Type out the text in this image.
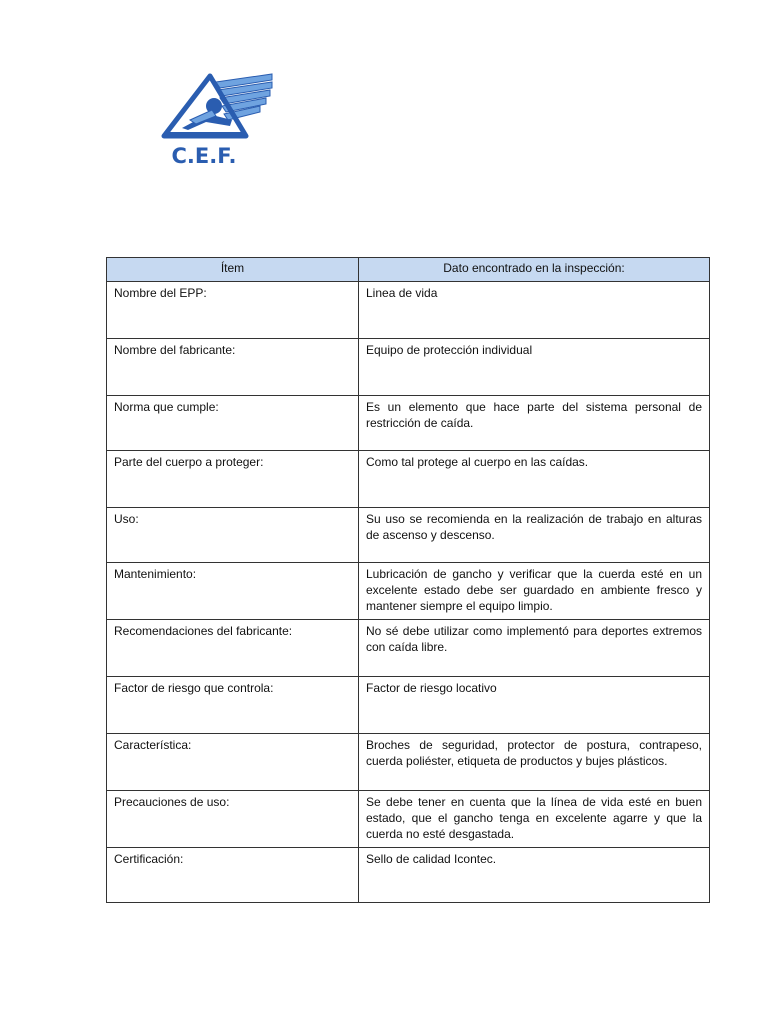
C.E.F.
Ítem	Dato encontrado en la inspección:
Nombre del EPP:	Linea de vida
Nombre del fabricante:	Equipo de protección individual
Norma que cumple:	Es un elemento que hace parte del sistema personal de restricción de caída.
Parte del cuerpo a proteger:	Como tal protege al cuerpo en las caídas.
Uso:	Su uso se recomienda en la realización de trabajo en alturas de ascenso y descenso.
Mantenimiento:	Lubricación de gancho y verificar que la cuerda esté en un excelente estado debe ser guardado en ambiente fresco y mantener siempre el equipo limpio.
Recomendaciones del fabricante:	No sé debe utilizar como implementó para deportes extremos con caída libre.
Factor de riesgo que controla:	Factor de riesgo locativo
Característica:	Broches de seguridad, protector de postura, contrapeso, cuerda poliéster, etiqueta de productos y bujes plásticos.
Precauciones de uso:	Se debe tener en cuenta que la línea de vida esté en buen estado, que el gancho tenga en excelente agarre y que la cuerda no esté desgastada.
Certificación:	Sello de calidad Icontec.
